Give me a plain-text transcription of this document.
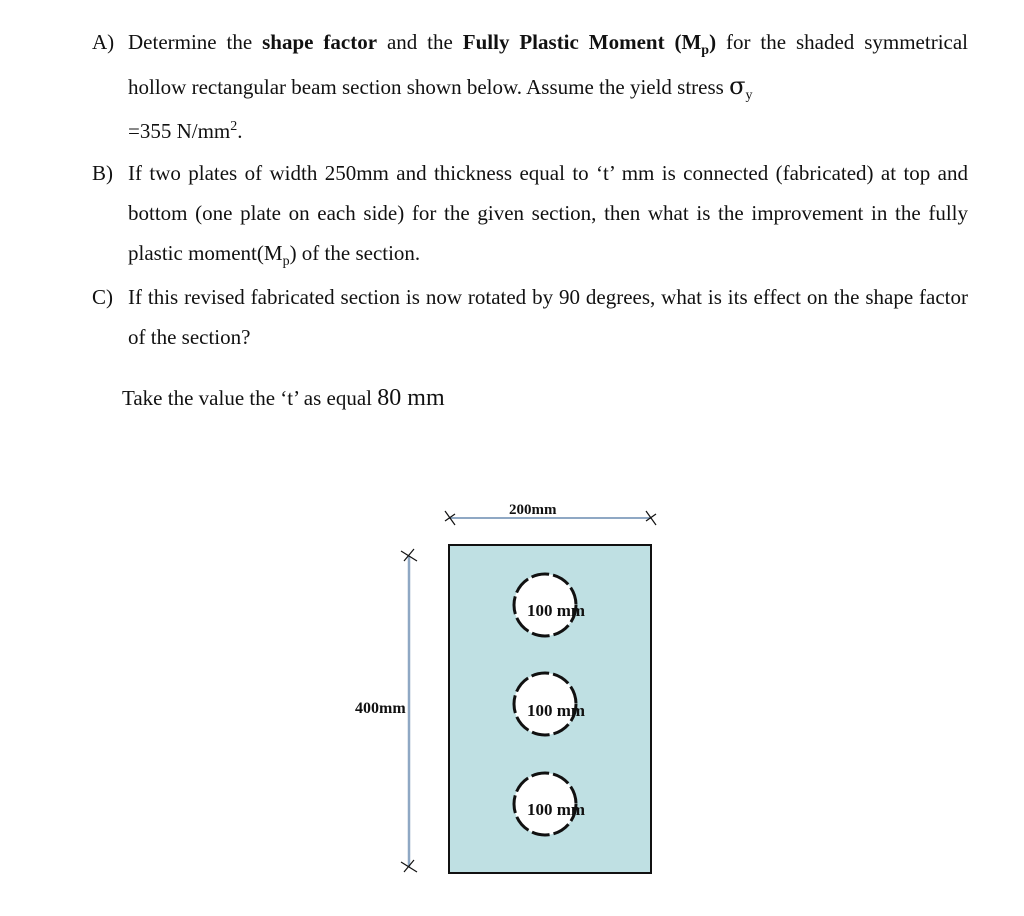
A) Determine the shape factor and the Fully Plastic Moment $(M_p)$ for the shaded symmetrical hollow rectangular beam section shown below. Assume the yield stress $\sigma_y$
=355 $N/mm^2$.
B) If two plates of width 250mm and thickness equal to ‘t’ mm is connected (fabricated) at top and bottom (one plate on each side) for the given section, then what is the improvement in the fully plastic $moment(M_p)$ of the section.
C) If this revised fabricated section is now rotated by 90 degrees, what is its effect on the shape factor of the section?
Take the value the ‘t’ as equal 80 mm
200mm
400mm
100 mm
100 mm
100 mm
